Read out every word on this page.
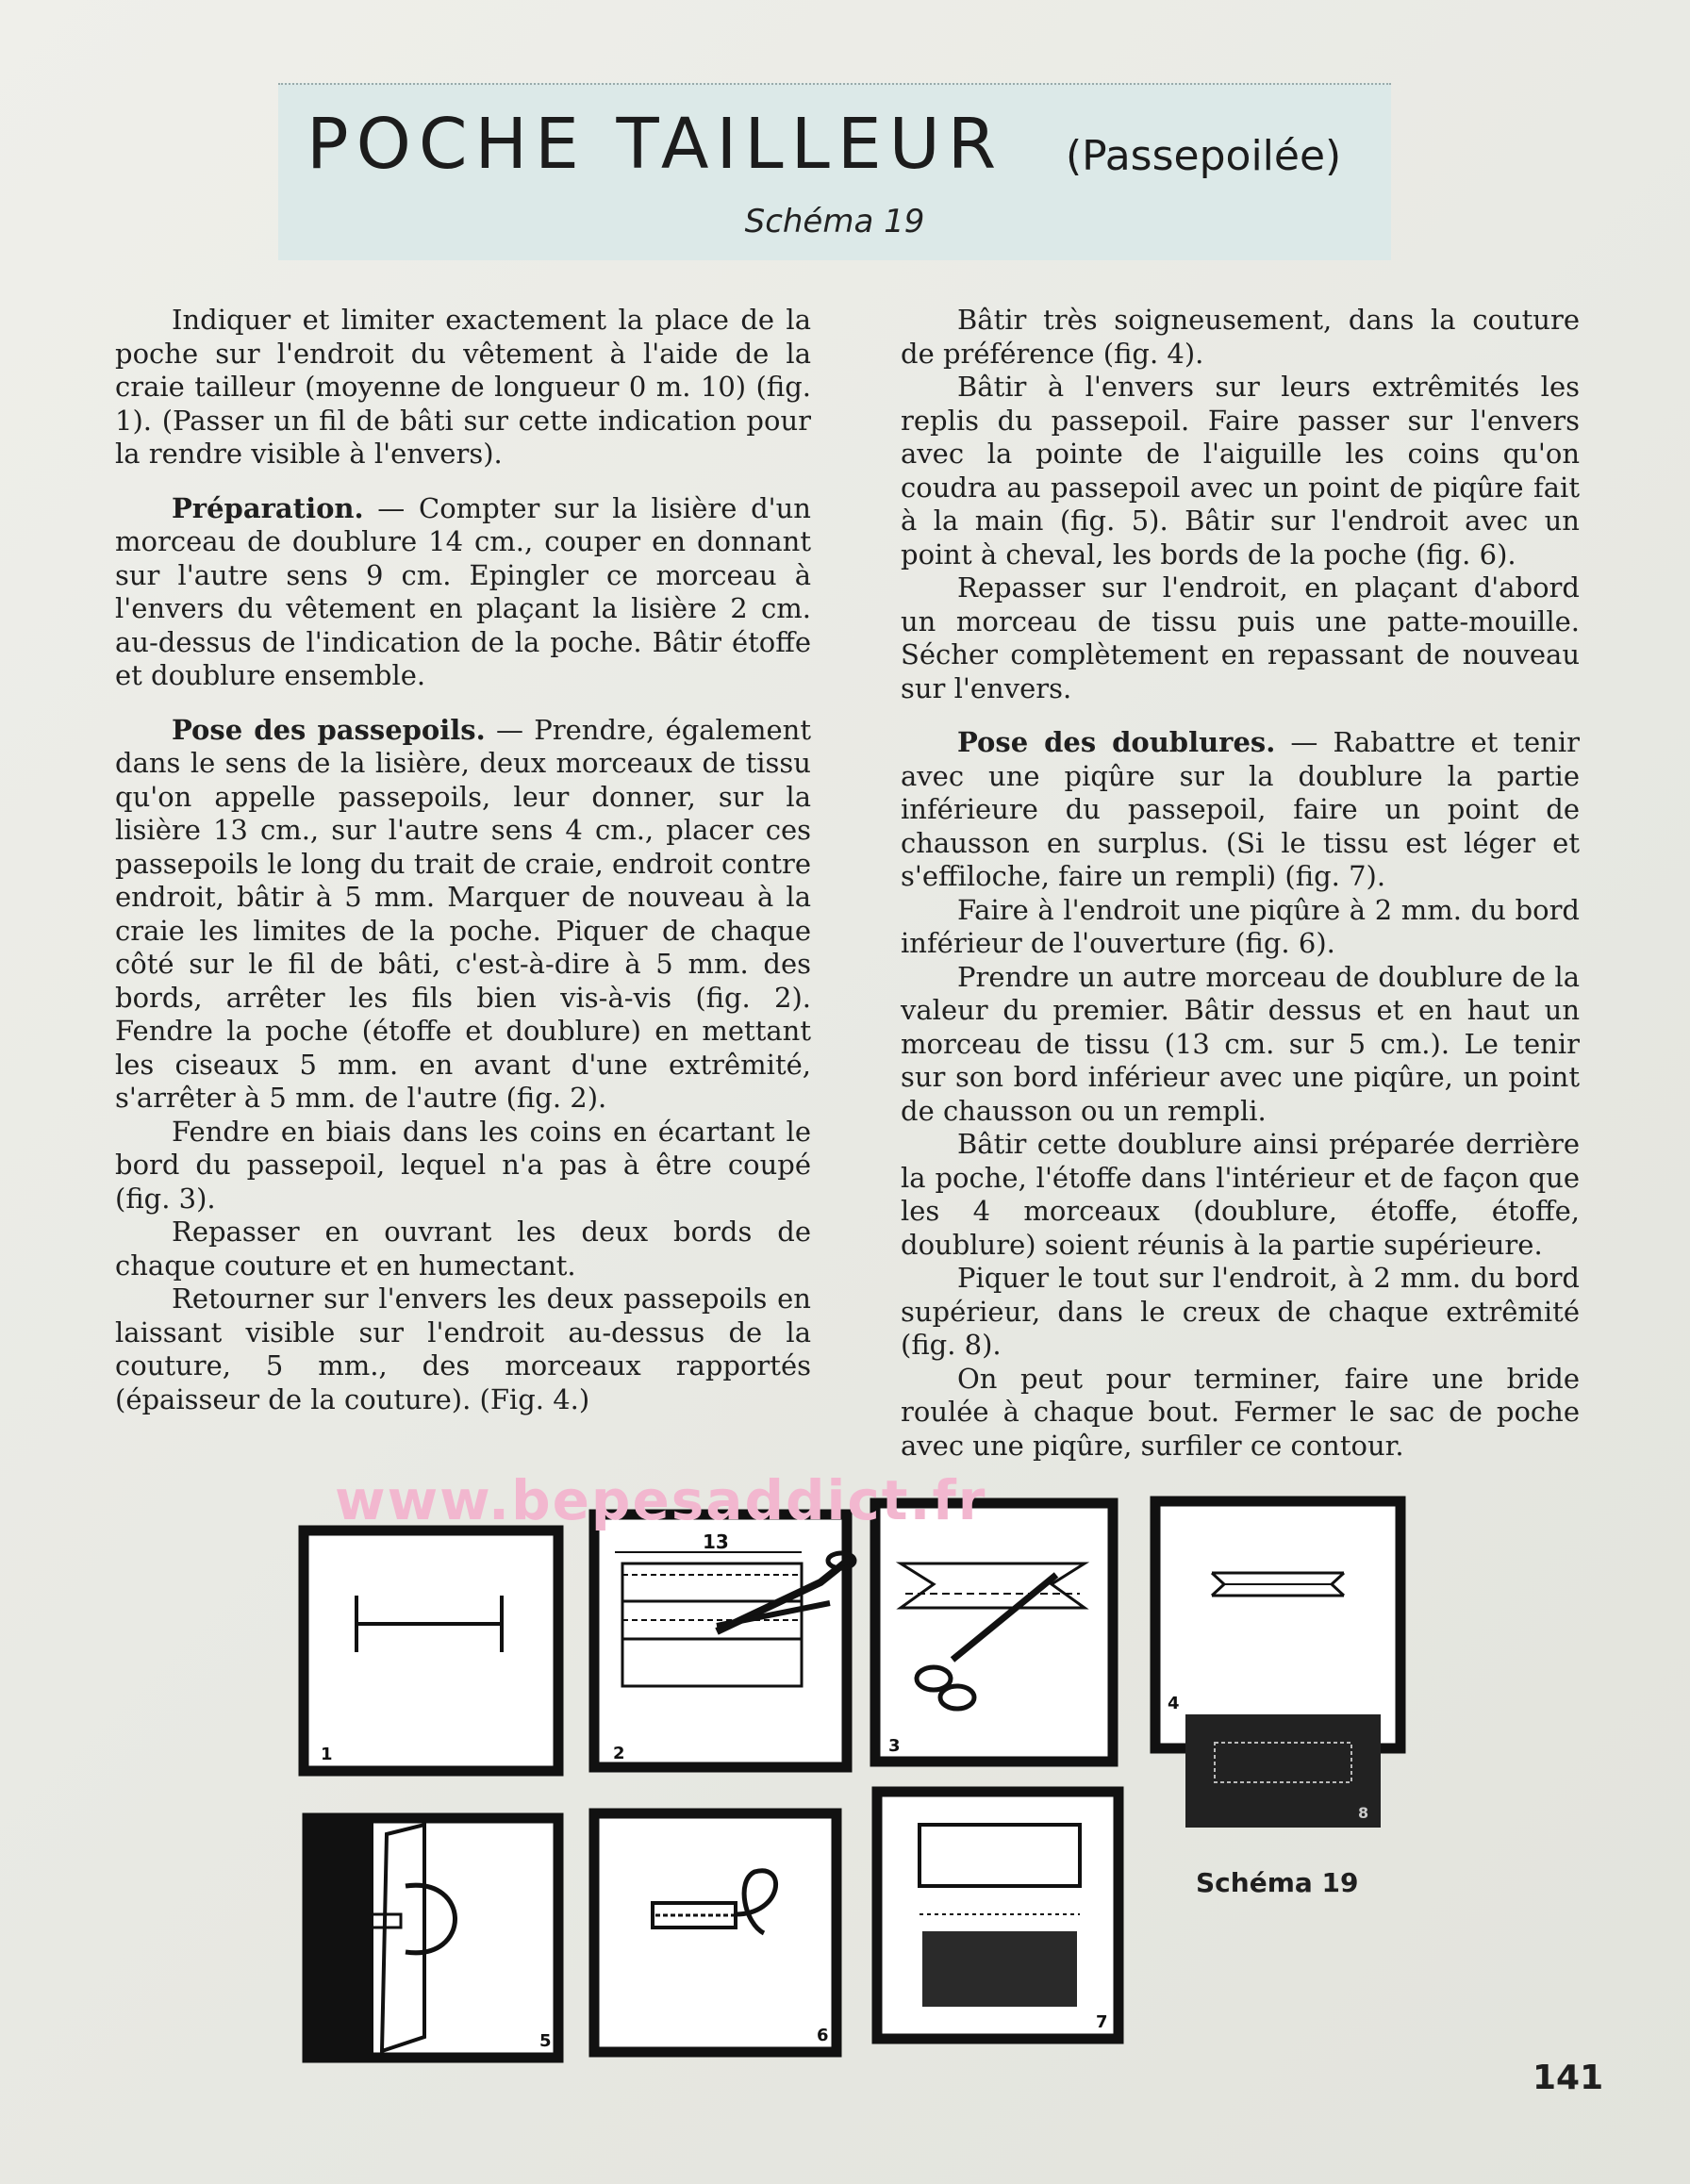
POCHE TAILLEUR (Passepoilée)
Schéma 19

Indiquer et limiter exactement la place de la poche sur l'endroit du vêtement à l'aide de la craie tailleur (moyenne de longueur 0 m. 10) (fig. 1). (Passer un fil de bâti sur cette indication pour la rendre visible à l'envers).

Préparation. — Compter sur la lisière d'un morceau de doublure 14 cm., couper en donnant sur l'autre sens 9 cm. Epingler ce morceau à l'envers du vêtement en plaçant la lisière 2 cm. au-dessus de l'indication de la poche. Bâtir étoffe et doublure ensemble.

Pose des passepoils. — Prendre, également dans le sens de la lisière, deux morceaux de tissu qu'on appelle passepoils, leur donner, sur la lisière 13 cm., sur l'autre sens 4 cm., placer ces passepoils le long du trait de craie, endroit contre endroit, bâtir à 5 mm. Marquer de nouveau à la craie les limites de la poche. Piquer de chaque côté sur le fil de bâti, c'est-à-dire à 5 mm. des bords, arrêter les fils bien vis-à-vis (fig. 2). Fendre la poche (étoffe et doublure) en mettant les ciseaux 5 mm. en avant d'une extrêmité, s'arrêter à 5 mm. de l'autre (fig. 2).

Fendre en biais dans les coins en écartant le bord du passepoil, lequel n'a pas à être coupé (fig. 3).

Repasser en ouvrant les deux bords de chaque couture et en humectant.

Retourner sur l'envers les deux passepoils en laissant visible sur l'endroit au-dessus de la couture, 5 mm., des morceaux rapportés (épaisseur de la couture). (Fig. 4.)

Bâtir très soigneusement, dans la couture de préférence (fig. 4).

Bâtir à l'envers sur leurs extrêmités les replis du passepoil. Faire passer sur l'envers avec la pointe de l'aiguille les coins qu'on coudra au passepoil avec un point de piqûre fait à la main (fig. 5). Bâtir sur l'endroit avec un point à cheval, les bords de la poche (fig. 6).

Repasser sur l'endroit, en plaçant d'abord un morceau de tissu puis une patte-mouille. Sécher complètement en repassant de nouveau sur l'envers.

Pose des doublures. — Rabattre et tenir avec une piqûre sur la doublure la partie inférieure du passepoil, faire un point de chausson en surplus. (Si le tissu est léger et s'effiloche, faire un rempli) (fig. 7).

Faire à l'endroit une piqûre à 2 mm. du bord inférieur de l'ouverture (fig. 6).

Prendre un autre morceau de doublure de la valeur du premier. Bâtir dessus et en haut un morceau de tissu (13 cm. sur 5 cm.). Le tenir sur son bord inférieur avec une piqûre, un point de chausson ou un rempli.

Bâtir cette doublure ainsi préparée derrière la poche, l'étoffe dans l'intérieur et de façon que les 4 morceaux (doublure, étoffe, étoffe, doublure) soient réunis à la partie supérieure.

Piquer le tout sur l'endroit, à 2 mm. du bord supérieur, dans le creux de chaque extrêmité (fig. 8).

On peut pour terminer, faire une bride roulée à chaque bout. Fermer le sac de poche avec une piqûre, surfiler ce contour.

1
13
2	3
4
8
5	6
7
www.bepesaddict.fr
Schéma 19
141
